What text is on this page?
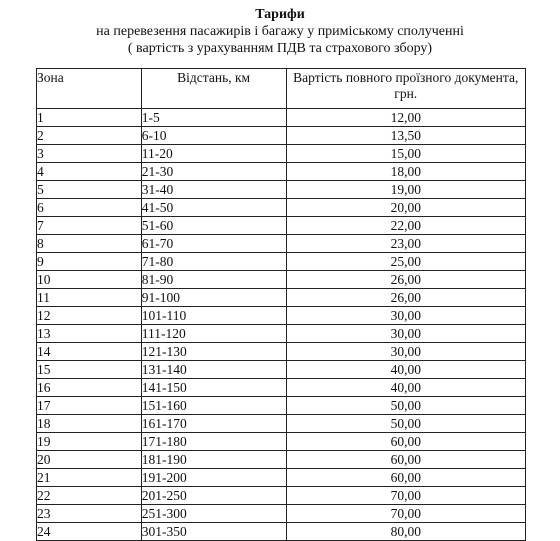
Тарифи
на перевезення пасажирів і багажу у приміському сполученні
( вартість з урахуванням ПДВ та страхового збору)
Зона	Відстань, км	Вартість повного проїзного документа, грн.
1	1-5	12,00
2	6-10	13,50
3	11-20	15,00
4	21-30	18,00
5	31-40	19,00
6	41-50	20,00
7	51-60	22,00
8	61-70	23,00
9	71-80	25,00
10	81-90	26,00
11	91-100	26,00
12	101-110	30,00
13	111-120	30,00
14	121-130	30,00
15	131-140	40,00
16	141-150	40,00
17	151-160	50,00
18	161-170	50,00
19	171-180	60,00
20	181-190	60,00
21	191-200	60,00
22	201-250	70,00
23	251-300	70,00
24	301-350	80,00
